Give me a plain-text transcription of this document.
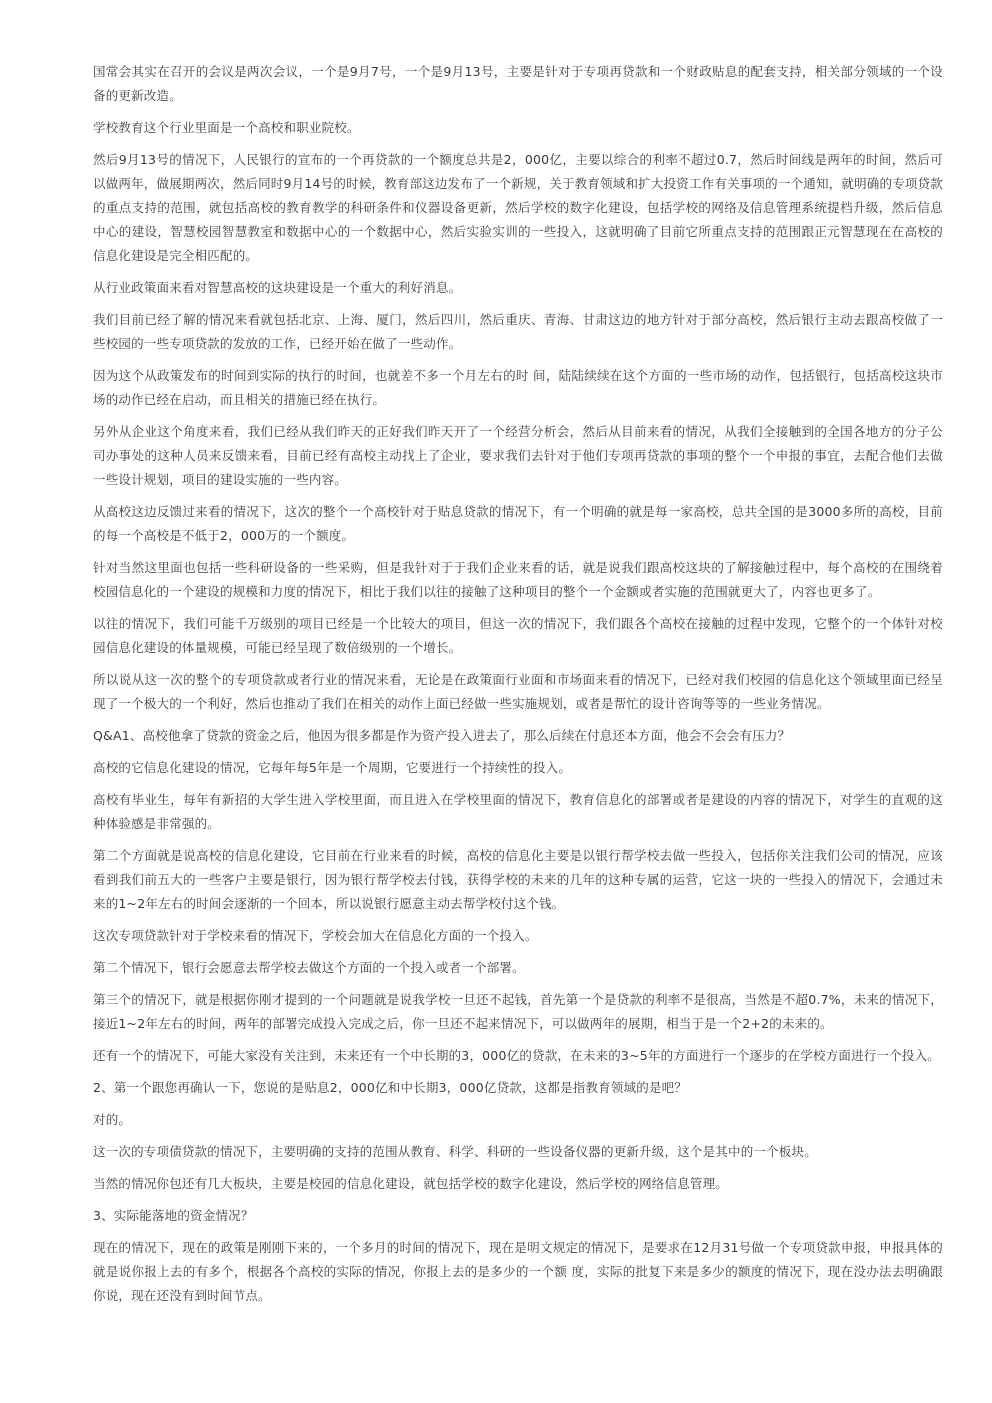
国常会其实在召开的会议是两次会议，一个是9月7号，一个是9月13号，主要是针对于专项再贷款和一个财政贴息的配套支持，相关部分领域的一个设备的更新改造。

学校教育这个行业里面是一个高校和职业院校。

然后9月13号的情况下，人民银行的宣布的一个再贷款的一个额度总共是2，000亿，主要以综合的利率不超过0.7，然后时间线是两年的时间，然后可以做两年，做展期两次，然后同时9月14号的时候，教育部这边发布了一个新规，关于教育领域和扩大投资工作有关事项的一个通知，就明确的专项贷款的重点支持的范围，就包括高校的教育教学的科研条件和仪器设备更新，然后学校的数字化建设，包括学校的网络及信息管理系统提档升级，然后信息中心的建设，智慧校园智慧教室和数据中心的一个数据中心，然后实验实训的一些投入，这就明确了目前它所重点支持的范围跟正元智慧现在在高校的信息化建设是完全相匹配的。

从行业政策面来看对智慧高校的这块建设是一个重大的利好消息。

我们目前已经了解的情况来看就包括北京、上海、厦门，然后四川，然后重庆、青海、甘肃这边的地方针对于部分高校，然后银行主动去跟高校做了一些校园的一些专项贷款的发放的工作，已经开始在做了一些动作。

因为这个从政策发布的时间到实际的执行的时间，也就差不多一个月左右的时 间，陆陆续续在这个方面的一些市场的动作，包括银行，包括高校这块市场的动作已经在启动，而且相关的措施已经在执行。

另外从企业这个角度来看，我们已经从我们昨天的正好我们昨天开了一个经营分析会，然后从目前来看的情况，从我们全接触到的全国各地方的分子公司办事处的这种人员来反馈来看，目前已经有高校主动找上了企业，要求我们去针对于他们专项再贷款的事项的整个一个申报的事宜，去配合他们去做一些设计规划，项目的建设实施的一些内容。

从高校这边反馈过来看的情况下，这次的整个一个高校针对于贴息贷款的情况下，有一个明确的就是每一家高校，总共全国的是3000多所的高校，目前的每一个高校是不低于2，000万的一个额度。

针对当然这里面也包括一些科研设备的一些采购，但是我针对于于我们企业来看的话，就是说我们跟高校这块的了解接触过程中，每个高校的在围绕着校园信息化的一个建设的规模和力度的情况下，相比于我们以往的接触了这种项目的整个一个金额或者实施的范围就更大了，内容也更多了。

以往的情况下，我们可能千万级别的项目已经是一个比较大的项目，但这一次的情况下，我们跟各个高校在接触的过程中发现，它整个的一个体针对校园信息化建设的体量规模，可能已经呈现了数倍级别的一个增长。

所以说从这一次的整个的专项贷款或者行业的情况来看，无论是在政策面行业面和市场面来看的情况下，已经对我们校园的信息化这个领域里面已经呈现了一个极大的一个利好，然后也推动了我们在相关的动作上面已经做一些实施规划，或者是帮忙的设计咨询等等的一些业务情况。

Q&A1、高校他拿了贷款的资金之后，他因为很多都是作为资产投入进去了，那么后续在付息还本方面，他会不会会有压力？

高校的它信息化建设的情况，它每年每5年是一个周期，它要进行一个持续性的投入。

高校有毕业生，每年有新招的大学生进入学校里面，而且进入在学校里面的情况下，教育信息化的部署或者是建设的内容的情况下，对学生的直观的这种体验感是非常强的。

第二个方面就是说高校的信息化建设，它目前在行业来看的时候，高校的信息化主要是以银行帮学校去做一些投入，包括你关注我们公司的情况，应该看到我们前五大的一些客户主要是银行，因为银行帮学校去付钱，获得学校的未来的几年的这种专属的运营，它这一块的一些投入的情况下，会通过未来的1~2年左右的时间会逐渐的一个回本，所以说银行愿意主动去帮学校付这个钱。

这次专项贷款针对于学校来看的情况下，学校会加大在信息化方面的一个投入。

第二个情况下，银行会愿意去帮学校去做这个方面的一个投入或者一个部署。

第三个的情况下，就是根据你刚才提到的一个问题就是说我学校一旦还不起钱，首先第一个是贷款的利率不是很高，当然是不超0.7%，未来的情况下，接近1~2年左右的时间，两年的部署完成投入完成之后，你一旦还不起来情况下，可以做两年的展期，相当于是一个2+2的未来的。

还有一个的情况下，可能大家没有关注到，未来还有一个中长期的3，000亿的贷款，在未来的3~5年的方面进行一个逐步的在学校方面进行一个投入。

2、第一个跟您再确认一下，您说的是贴息2，000亿和中长期3，000亿贷款，这都是指教育领域的是吧？

对的。

这一次的专项债贷款的情况下，主要明确的支持的范围从教育、科学、科研的一些设备仪器的更新升级，这个是其中的一个板块。

当然的情况你包还有几大板块，主要是校园的信息化建设，就包括学校的数字化建设，然后学校的网络信息管理。

3、实际能落地的资金情况？

现在的情况下，现在的政策是刚刚下来的，一个多月的时间的情况下，现在是明文规定的情况下，是要求在12月31号做一个专项贷款申报，申报具体的就是说你报上去的有多个，根据各个高校的实际的情况，你报上去的是多少的一个额 度，实际的批复下来是多少的额度的情况下，现在没办法去明确跟你说，现在还没有到时间节点。
